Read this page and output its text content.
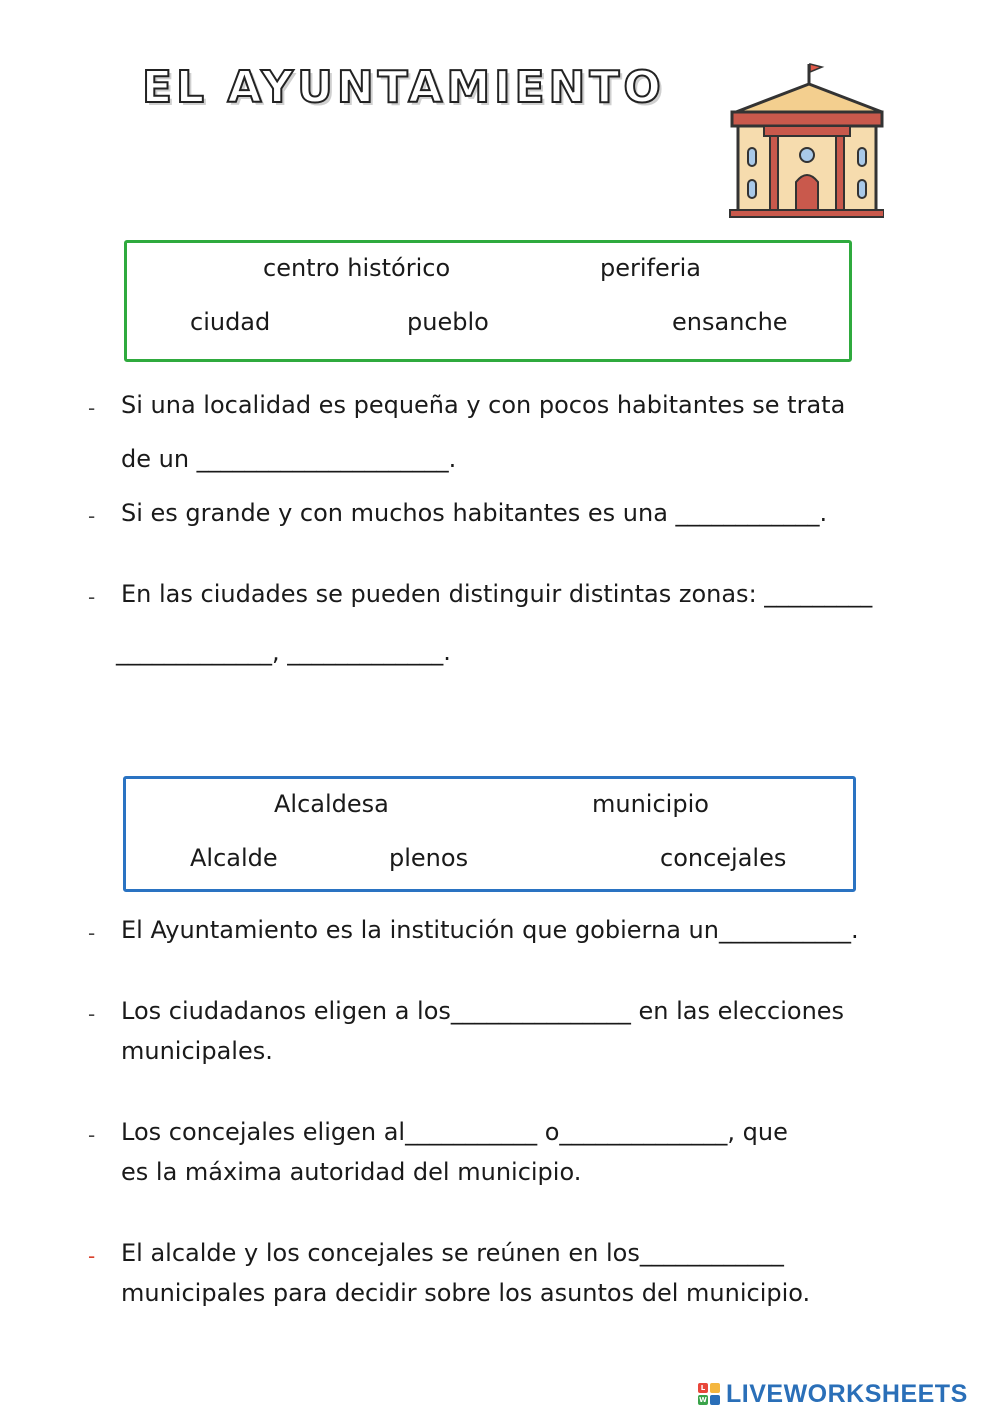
EL AYUNTAMIENTO
centro histórico	periferia
ciudad	pueblo	ensanche
- Si una localidad es pequeña y con pocos habitantes se trata
de un _____________________.
- Si es grande y con muchos habitantes es una ____________.
- En las ciudades se pueden distinguir distintas zonas: _________
_____________, _____________.
Alcaldesa	municipio
Alcalde	plenos	concejales
- El Ayuntamiento es la institución que gobierna un___________.
- Los ciudadanos eligen a los_______________ en las elecciones
municipales.
- Los concejales eligen al___________ o______________, que
es la máxima autoridad del municipio.
- El alcalde y los concejales se reúnen en los____________
municipales para decidir sobre los asuntos del municipio.
L
W LIVEWORKSHEETS
